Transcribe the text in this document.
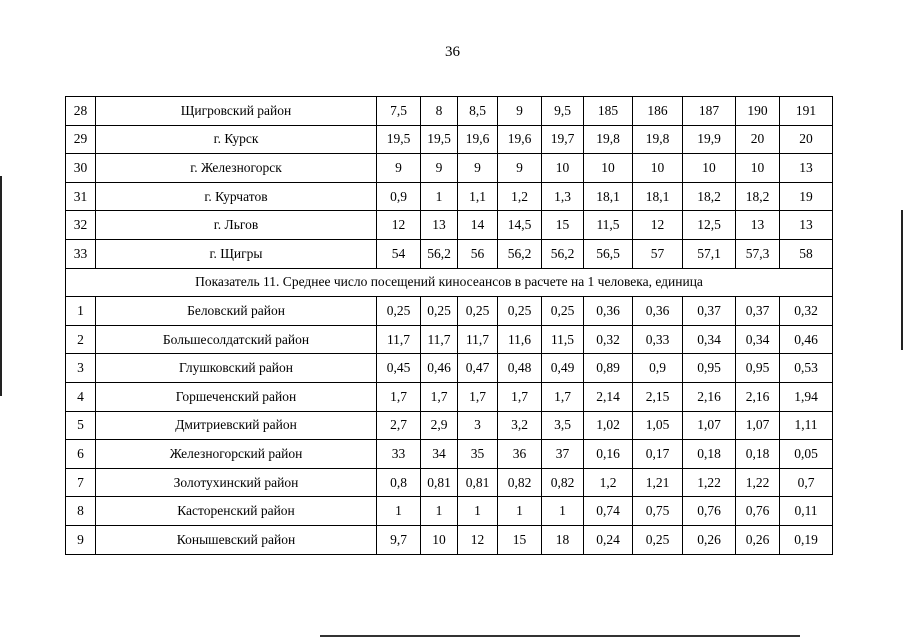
36
28	Щигровский район	7,5	8	8,5	9	9,5	185	186	187	190	191
29	г. Курск	19,5	19,5	19,6	19,6	19,7	19,8	19,8	19,9	20	20
30	г. Железногорск	9	9	9	9	10	10	10	10	10	13
31	г. Курчатов	0,9	1	1,1	1,2	1,3	18,1	18,1	18,2	18,2	19
32	г. Льгов	12	13	14	14,5	15	11,5	12	12,5	13	13
33	г. Щигры	54	56,2	56	56,2	56,2	56,5	57	57,1	57,3	58
Показатель 11. Среднее число посещений киносеансов в расчете на 1 человека, единица											
1	Беловский район	0,25	0,25	0,25	0,25	0,25	0,36	0,36	0,37	0,37	0,32
2	Большесолдатский район	11,7	11,7	11,7	11,6	11,5	0,32	0,33	0,34	0,34	0,46
3	Глушковский район	0,45	0,46	0,47	0,48	0,49	0,89	0,9	0,95	0,95	0,53
4	Горшеченский район	1,7	1,7	1,7	1,7	1,7	2,14	2,15	2,16	2,16	1,94
5	Дмитриевский район	2,7	2,9	3	3,2	3,5	1,02	1,05	1,07	1,07	1,11
6	Железногорский район	33	34	35	36	37	0,16	0,17	0,18	0,18	0,05
7	Золотухинский район	0,8	0,81	0,81	0,82	0,82	1,2	1,21	1,22	1,22	0,7
8	Касторенский район	1	1	1	1	1	0,74	0,75	0,76	0,76	0,11
9	Конышевский район	9,7	10	12	15	18	0,24	0,25	0,26	0,26	0,19
